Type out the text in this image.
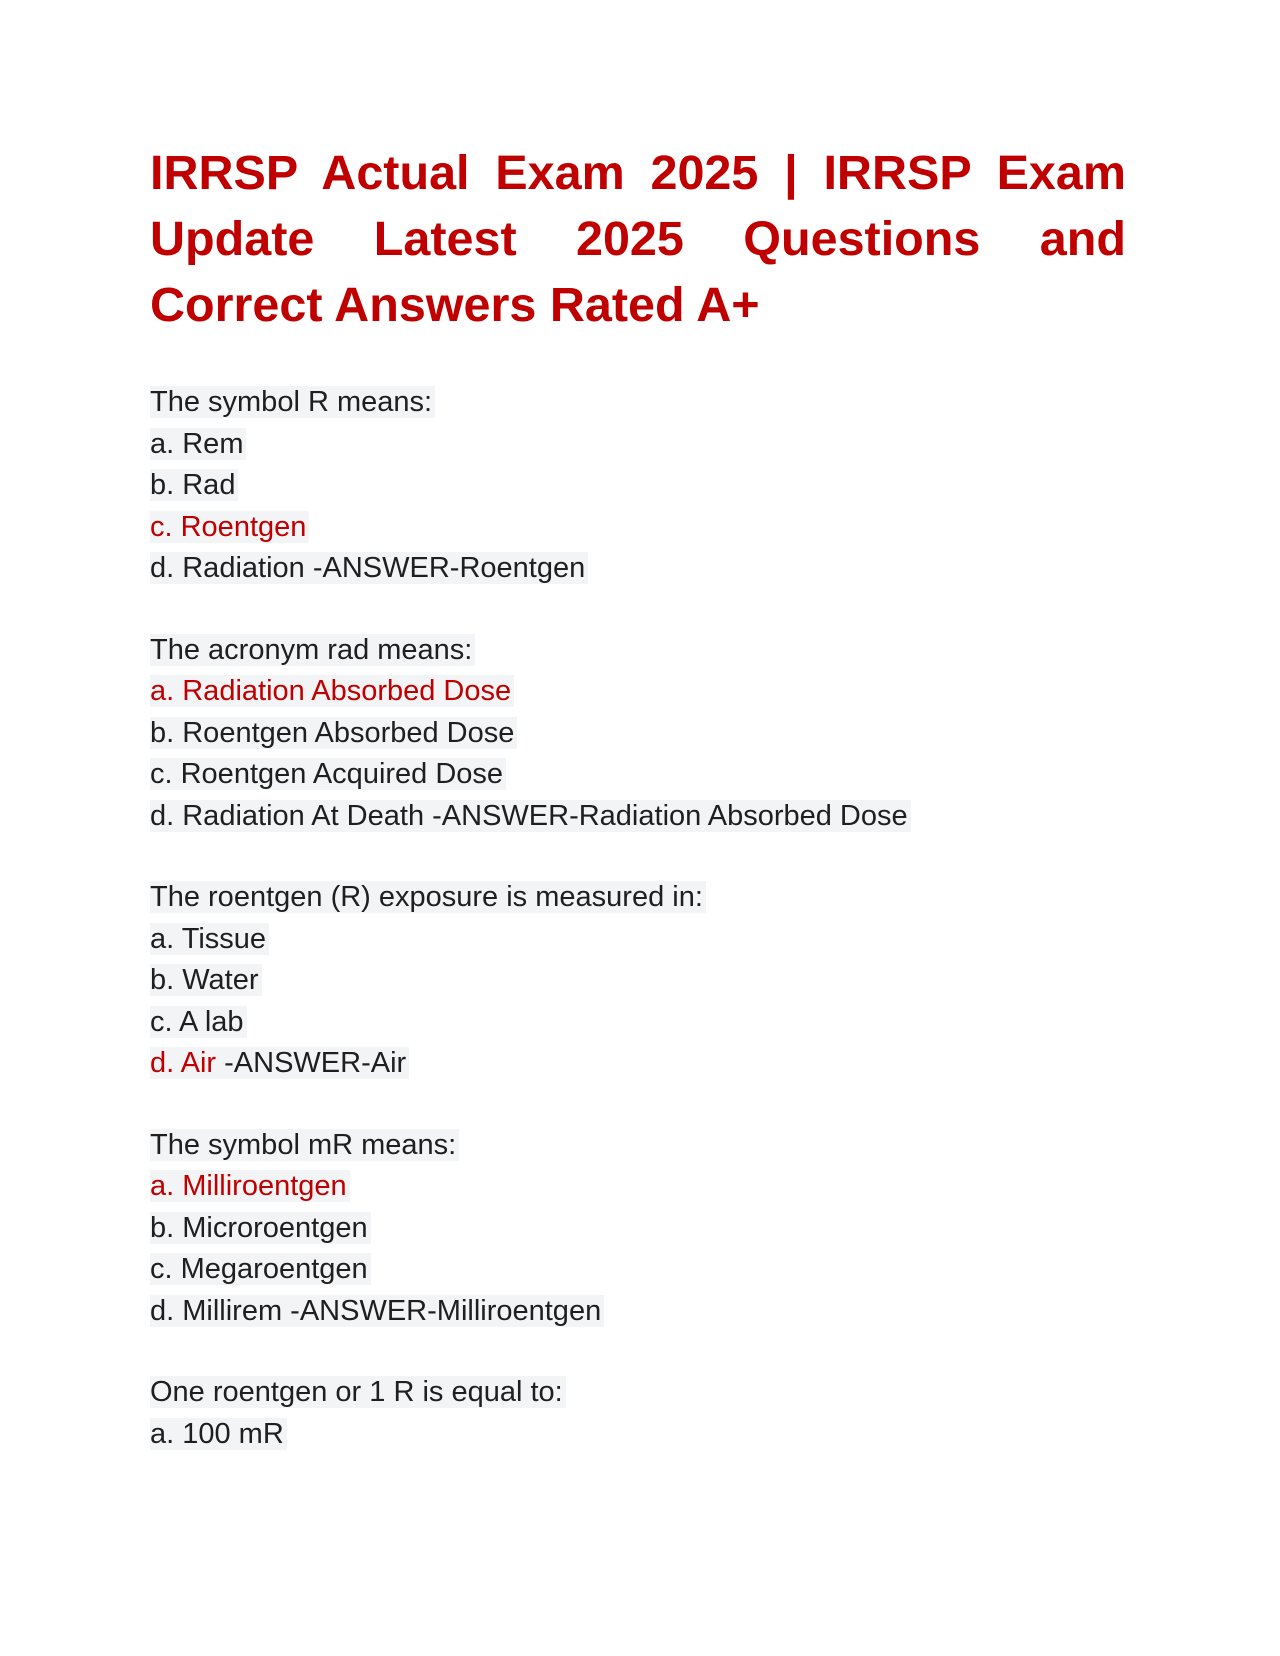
IRRSP Actual Exam 2025 | IRRSP Exam Update Latest 2025 Questions and Correct Answers Rated A+
The symbol R means:
a. Rem
b. Rad
c. Roentgen
d. Radiation -ANSWER-Roentgen
The acronym rad means:
a. Radiation Absorbed Dose
b. Roentgen Absorbed Dose
c. Roentgen Acquired Dose
d. Radiation At Death -ANSWER-Radiation Absorbed Dose
The roentgen (R) exposure is measured in:
a. Tissue
b. Water
c. A lab
d. Air -ANSWER-Air
The symbol mR means:
a. Milliroentgen
b. Microroentgen
c. Megaroentgen
d. Millirem -ANSWER-Milliroentgen
One roentgen or 1 R is equal to:
a. 100 mR
